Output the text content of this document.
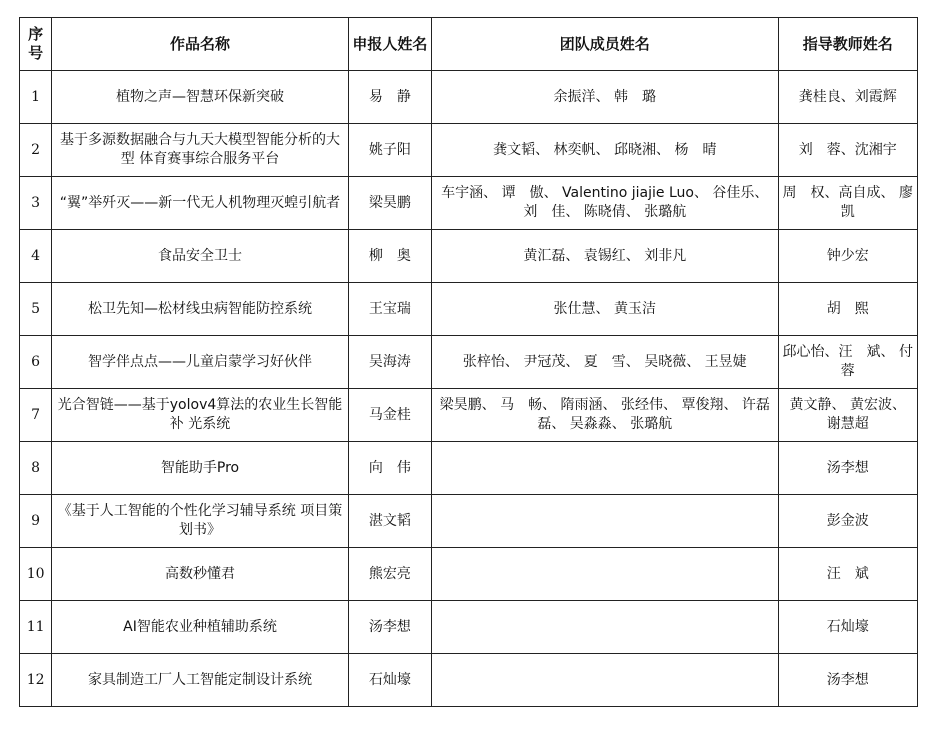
序号	作品名称	申报人姓名	团队成员姓名	指导教师姓名
1	植物之声—智慧环保新突破	易　静	余振洋、 韩　璐	龚桂良、刘霞辉
2	基于多源数据融合与九天大模型智能分析的大型 体育赛事综合服务平台	姚子阳	龚文韬、 林奕帆、 邱晓湘、 杨　晴	刘　蓉、沈湘宇
3	“翼”举歼灭——新一代无人机物理灭蝗引航者	梁昊鹏	车宇涵、 谭　傲、 Valentino jiajie Luo、 谷佳乐、 刘　佳、 陈晓倩、 张璐航	周　权、高自成、 廖　凯
4	食品安全卫士	柳　奥	黄汇磊、 袁锡红、 刘非凡	钟少宏
5	松卫先知—松材线虫病智能防控系统	王宝瑞	张仕慧、 黄玉洁	胡　熙
6	智学伴点点——儿童启蒙学习好伙伴	吴海涛	张梓怡、 尹冠茂、 夏　雪、 吴晓薇、 王昱婕	邱心怡、汪　斌、 付　蓉
7	光合智链——基于yolov4算法的农业生长智能补 光系统	马金桂	梁昊鹏、 马　畅、 隋雨涵、 张经伟、 覃俊翔、 许磊磊、 吴淼淼、 张璐航	黄文静、 黄宏波、 谢慧超
8	智能助手Pro	向　伟		汤李想
9	《基于人工智能的个性化学习辅导系统 项目策划书》	湛文韬		彭金波
10	高数秒懂君	熊宏亮		汪　斌
11	AI智能农业种植辅助系统	汤李想		石灿壕
12	家具制造工厂人工智能定制设计系统	石灿壕		汤李想
